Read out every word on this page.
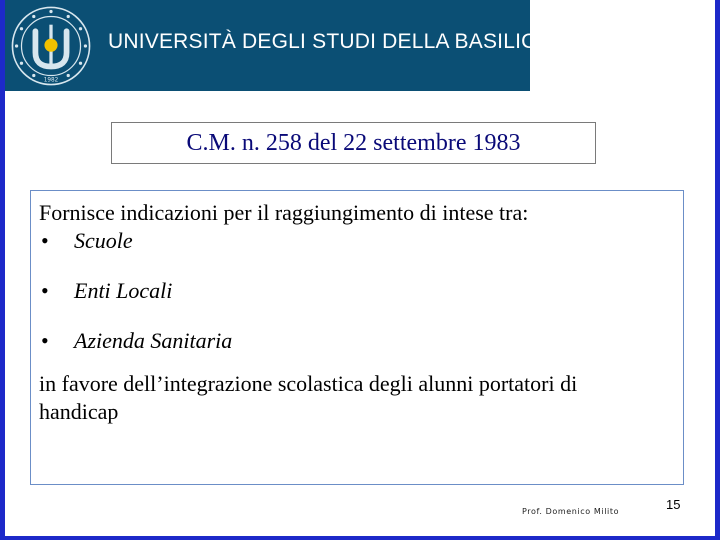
1982
UNIVERSITÀ DEGLI STUDI DELLA BASILICATA
C.M. n. 258 del 22 settembre 1983

Fornisce indicazioni per il raggiungimento di intese tra:

•	Scuole
•	Enti Locali
•	Azienda Sanitaria

in favore dell’integrazione scolastica degli alunni portatori di handicap

Prof. Domenico Milito	15
